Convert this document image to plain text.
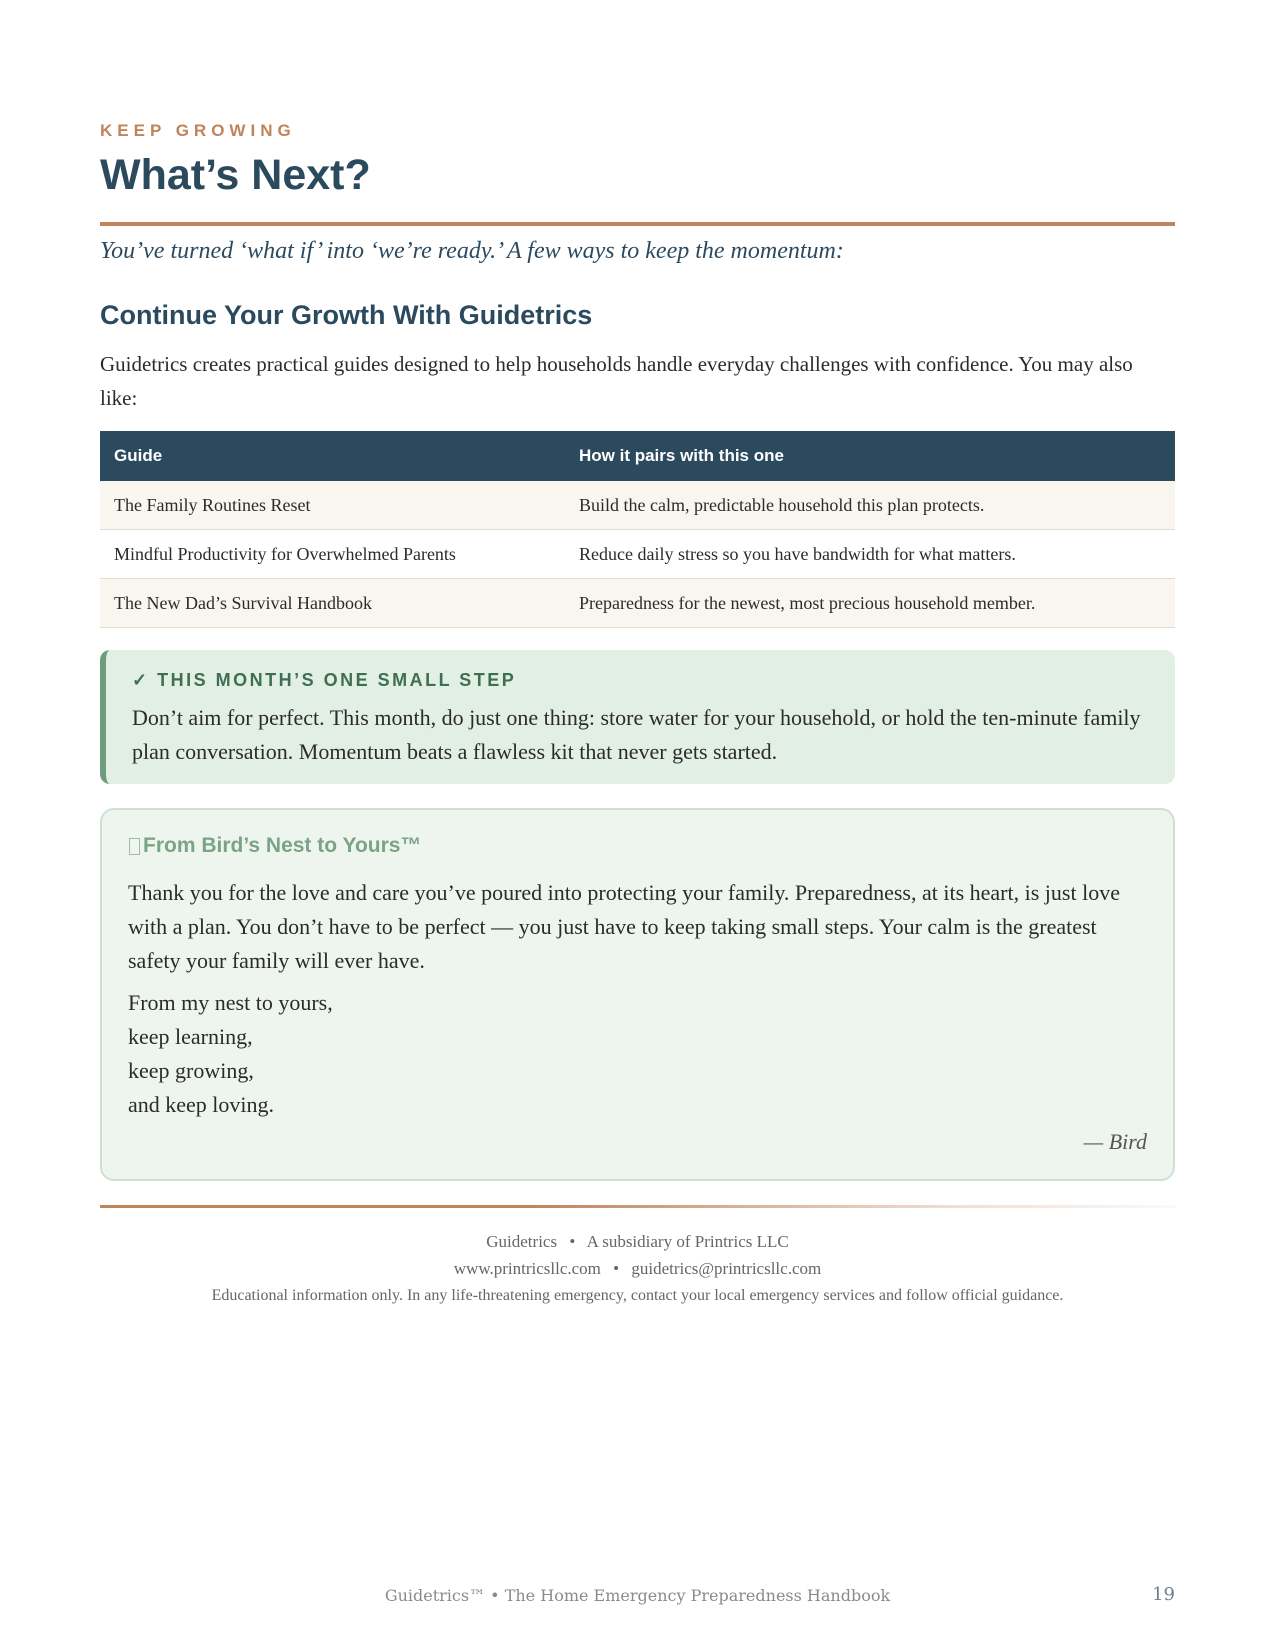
KEEP GROWING

What’s Next?

You’ve turned ‘what if’ into ‘we’re ready.’ A few ways to keep the momentum:

Continue Your Growth With Guidetrics

Guidetrics creates practical guides designed to help households handle everyday challenges with confidence. You may also like:

Guide	How it pairs with this one
The Family Routines Reset	Build the calm, predictable household this plan protects.
Mindful Productivity for Overwhelmed Parents	Reduce daily stress so you have bandwidth for what matters.
The New Dad’s Survival Handbook	Preparedness for the newest, most precious household member.

✓ THIS MONTH’S ONE SMALL STEP

Don’t aim for perfect. This month, do just one thing: store water for your household, or hold the ten-minute family plan conversation. Momentum beats a flawless kit that never gets started.

From Bird’s Nest to Yours™

Thank you for the love and care you’ve poured into protecting your family. Preparedness, at its heart, is just love with a plan. You don’t have to be perfect — you just have to keep taking small steps. Your calm is the greatest safety your family will ever have.

From my nest to yours,
keep learning,
keep growing,
and keep loving.

— Bird

Guidetrics • A subsidiary of Printrics LLC
www.printricsllc.com • guidetrics@printricsllc.com
Educational information only. In any life-threatening emergency, contact your local emergency services and follow official guidance.
Guidetrics™ • The Home Emergency Preparedness Handbook	19
